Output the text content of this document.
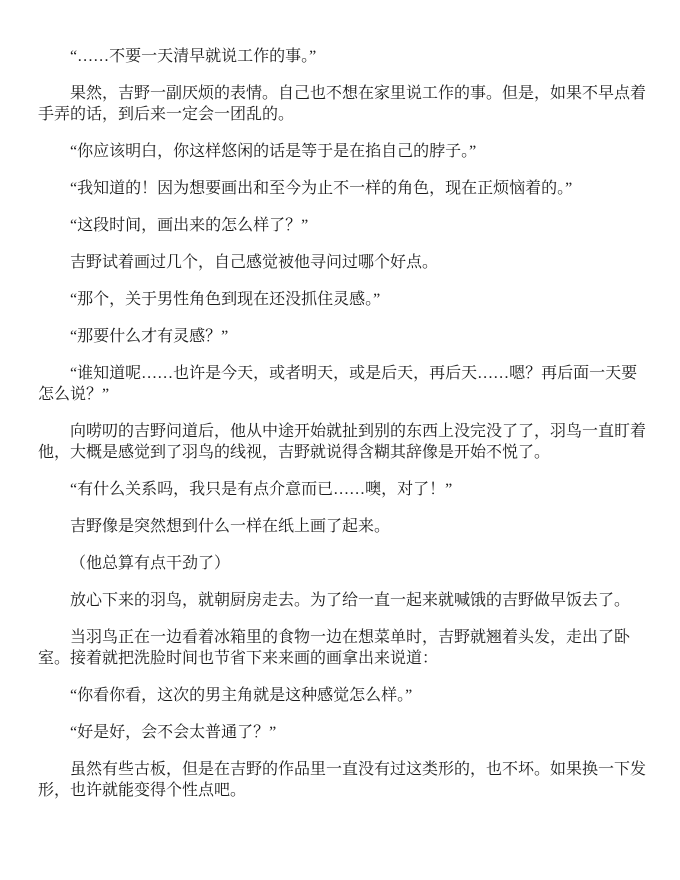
“……不要一天清早就说工作的事。”

果然，吉野一副厌烦的表情。自己也不想在家里说工作的事。但是，如果不早点着手弄的话，到后来一定会一团乱的。

“你应该明白，你这样悠闲的话是等于是在掐自己的脖子。”

“我知道的！因为想要画出和至今为止不一样的角色，现在正烦恼着的。”

“这段时间，画出来的怎么样了？”

吉野试着画过几个，自己感觉被他寻问过哪个好点。

“那个，关于男性角色到现在还没抓住灵感。”

“那要什么才有灵感？”

“谁知道呢……也许是今天，或者明天，或是后天，再后天……嗯？再后面一天要怎么说？”

向唠叨的吉野问道后，他从中途开始就扯到别的东西上没完没了了，羽鸟一直盯着他，大概是感觉到了羽鸟的线视，吉野就说得含糊其辞像是开始不悦了。

“有什么关系吗，我只是有点介意而已……噢，对了！”

吉野像是突然想到什么一样在纸上画了起来。

（他总算有点干劲了）

放心下来的羽鸟，就朝厨房走去。为了给一直一起来就喊饿的吉野做早饭去了。

当羽鸟正在一边看着冰箱里的食物一边在想菜单时，吉野就翘着头发，走出了卧室。接着就把洗脸时间也节省下来来画的画拿出来说道：

“你看你看，这次的男主角就是这种感觉怎么样。”

“好是好，会不会太普通了？”

虽然有些古板，但是在吉野的作品里一直没有过这类形的，也不坏。如果换一下发形，也许就能变得个性点吧。
